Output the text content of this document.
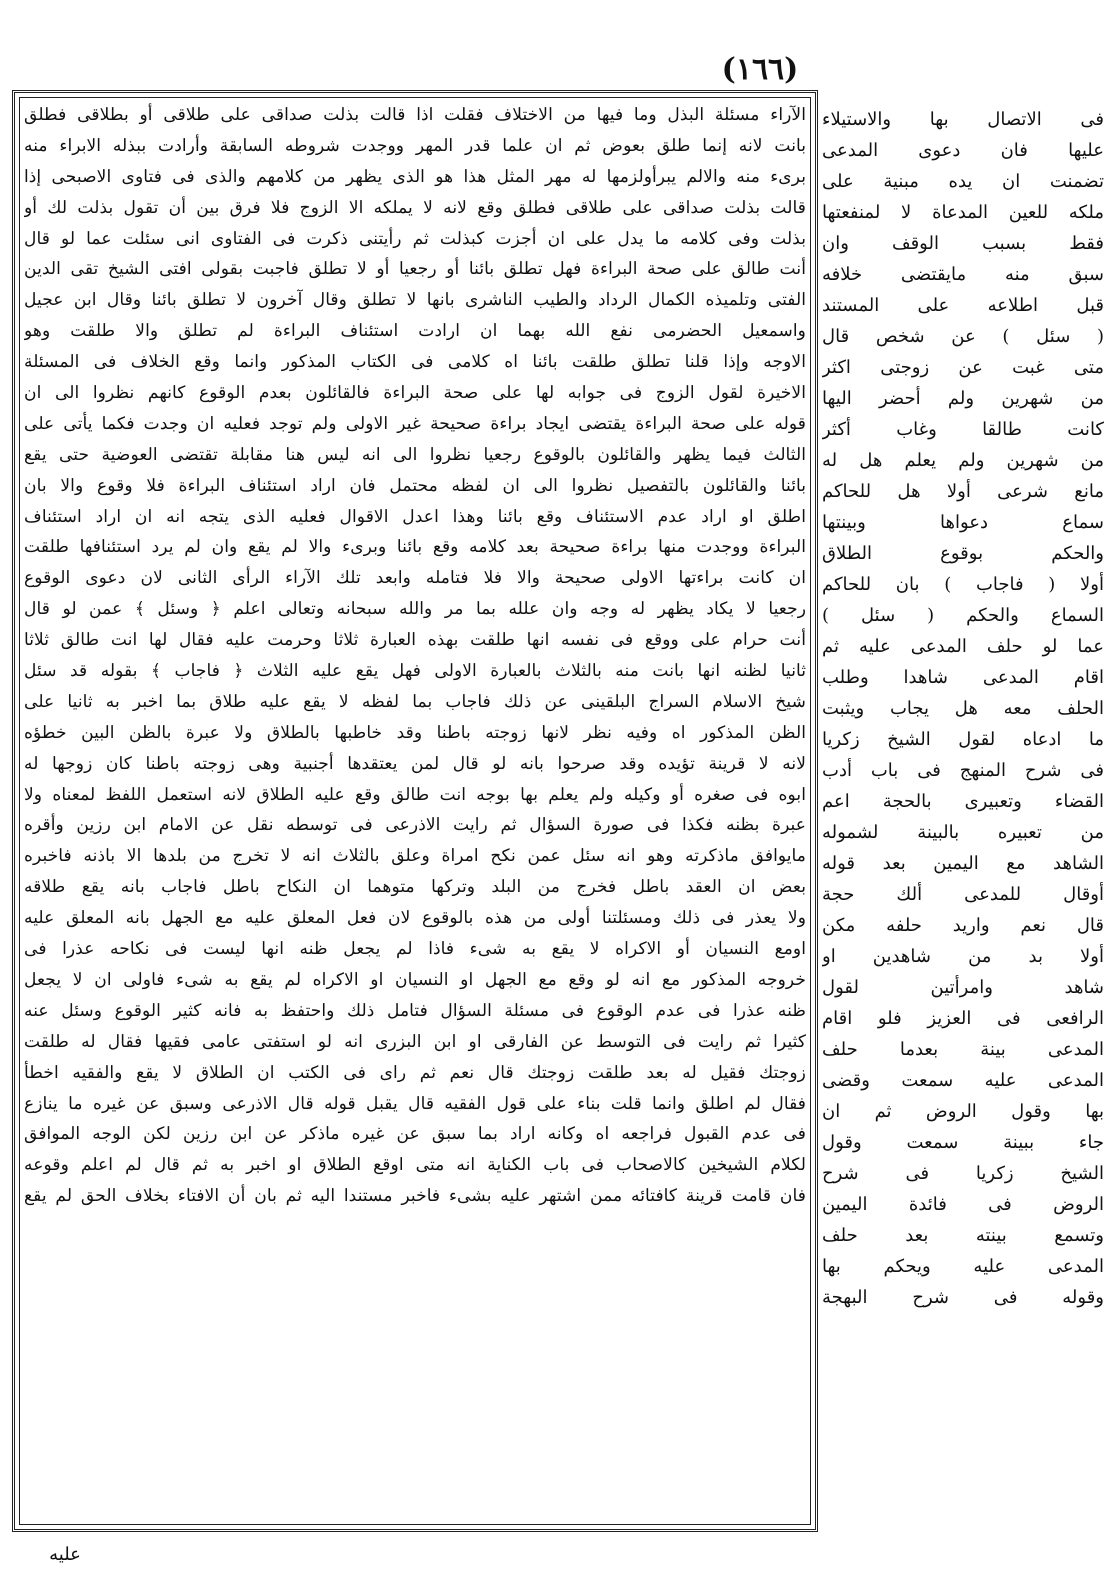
(١٦٦)
الآراء مسئلة البذل وما فيها من الاختلاف فقلت اذا قالت بذلت صداقى على طلاقى أو بطلاقى فطلق
بانت لانه إنما طلق بعوض ثم ان علما قدر المهر ووجدت شروطه السابقة وأرادت ببذله الابراء منه
برىء منه والالم يبرأولزمها له مهر المثل هذا هو الذى يظهر من كلامهم والذى فى فتاوى الاصبحى إذا
قالت بذلت صداقى على طلاقى فطلق وقع لانه لا يملكه الا الزوج فلا فرق بين أن تقول بذلت لك أو
بذلت وفى كلامه ما يدل على ان أجزت كبذلت ثم رأيتنى ذكرت فى الفتاوى انى سئلت عما لو قال
أنت طالق على صحة البراءة فهل تطلق بائنا أو رجعيا أو لا تطلق فاجبت بقولى افتى الشيخ تقى الدين
الفتى وتلميذه الكمال الرداد والطيب الناشرى بانها لا تطلق وقال آخرون لا تطلق بائنا وقال ابن عجيل
واسمعيل الحضرمى نفع الله بهما ان ارادت استئناف البراءة لم تطلق والا طلقت وهو
الاوجه وإذا قلنا تطلق طلقت بائنا اه كلامى فى الكتاب المذكور وانما وقع الخلاف فى المسئلة
الاخيرة لقول الزوج فى جوابه لها على صحة البراءة فالقائلون بعدم الوقوع كانهم نظروا الى ان
قوله على صحة البراءة يقتضى ايجاد براءة صحيحة غير الاولى ولم توجد فعليه ان وجدت فكما يأتى على
الثالث فيما يظهر والقائلون بالوقوع رجعيا نظروا الى انه ليس هنا مقابلة تقتضى العوضية حتى يقع
بائنا والقائلون بالتفصيل نظروا الى ان لفظه محتمل فان اراد استئناف البراءة فلا وقوع والا بان
اطلق او اراد عدم الاستئناف وقع بائنا وهذا اعدل الاقوال فعليه الذى يتجه انه ان اراد استئناف
البراءة ووجدت منها براءة صحيحة بعد كلامه وقع بائنا وبرىء والا لم يقع وان لم يرد استئنافها طلقت
ان كانت براءتها الاولى صحيحة والا فلا فتامله وابعد تلك الآراء الرأى الثانى لان دعوى الوقوع
رجعيا لا يكاد يظهر له وجه وان علله بما مر والله سبحانه وتعالى اعلم ﴿ وسئل ﴾ عمن لو قال
أنت حرام على ووقع فى نفسه انها طلقت بهذه العبارة ثلاثا وحرمت عليه فقال لها انت طالق ثلاثا
ثانيا لظنه انها بانت منه بالثلاث بالعبارة الاولى فهل يقع عليه الثلاث ﴿ فاجاب ﴾ بقوله قد سئل
شيخ الاسلام السراج البلقينى عن ذلك فاجاب بما لفظه لا يقع عليه طلاق بما اخبر به ثانيا على
الظن المذكور اه وفيه نظر لانها زوجته باطنا وقد خاطبها بالطلاق ولا عبرة بالظن البين خطؤه
لانه لا قرينة تؤيده وقد صرحوا بانه لو قال لمن يعتقدها أجنبية وهى زوجته باطنا كان زوجها له
ابوه فى صغره أو وكيله ولم يعلم بها بوجه انت طالق وقع عليه الطلاق لانه استعمل اللفظ لمعناه ولا
عبرة بظنه فكذا فى صورة السؤال ثم رايت الاذرعى فى توسطه نقل عن الامام ابن رزين وأقره
مايوافق ماذكرته وهو انه سئل عمن نكح امراة وعلق بالثلاث انه لا تخرج من بلدها الا باذنه فاخبره
بعض ان العقد باطل فخرج من البلد وتركها متوهما ان النكاح باطل فاجاب بانه يقع طلاقه
ولا يعذر فى ذلك ومسئلتنا أولى من هذه بالوقوع لان فعل المعلق عليه مع الجهل بانه المعلق عليه
اومع النسيان أو الاكراه لا يقع به شىء فاذا لم يجعل ظنه انها ليست فى نكاحه عذرا فى
خروجه المذكور مع انه لو وقع مع الجهل او النسيان او الاكراه لم يقع به شىء فاولى ان لا يجعل
ظنه عذرا فى عدم الوقوع فى مسئلة السؤال فتامل ذلك واحتفظ به فانه كثير الوقوع وسئل عنه
كثيرا ثم رايت فى التوسط عن الفارقى او ابن البزرى انه لو استفتى عامى فقيها فقال له طلقت
زوجتك فقيل له بعد طلقت زوجتك قال نعم ثم راى فى الكتب ان الطلاق لا يقع والفقيه اخطأ
فقال لم اطلق وانما قلت بناء على قول الفقيه قال يقبل قوله قال الاذرعى وسبق عن غيره ما ينازع
فى عدم القبول فراجعه اه وكانه اراد بما سبق عن غيره ماذكر عن ابن رزين لكن الوجه الموافق
لكلام الشيخين كالاصحاب فى باب الكناية انه متى اوقع الطلاق او اخبر به ثم قال لم اعلم وقوعه
فان قامت قرينة كافتائه ممن اشتهر عليه بشىء فاخبر مستندا اليه ثم بان أن الافتاء بخلاف الحق لم يقع
فى الاتصال بها والاستيلاء
عليها فان دعوى المدعى
تضمنت ان يده مبنية على
ملكه للعين المدعاة لا لمنفعتها
فقط بسبب الوقف وان
سبق منه مايقتضى خلافه
قبل اطلاعه على المستند
( سئل ) عن شخص قال
متى غبت عن زوجتى اكثر
من شهرين ولم أحضر اليها
كانت طالقا وغاب أكثر
من شهرين ولم يعلم هل له
مانع شرعى أولا هل للحاكم
سماع دعواها وبينتها
والحكم بوقوع الطلاق
أولا ( فاجاب ) بان للحاكم
السماع والحكم ( سئل )
عما لو حلف المدعى عليه ثم
اقام المدعى شاهدا وطلب
الحلف معه هل يجاب ويثبت
ما ادعاه لقول الشيخ زكريا
فى شرح المنهج فى باب أدب
القضاء وتعبيرى بالحجة اعم
من تعبيره بالبينة لشموله
الشاهد مع اليمين بعد قوله
أوقال للمدعى ألك حجة
قال نعم واريد حلفه مكن
أولا بد من شاهدين او
شاهد وامرأتين لقول
الرافعى فى العزيز فلو اقام
المدعى بينة بعدما حلف
المدعى عليه سمعت وقضى
بها وقول الروض ثم ان
جاء ببينة سمعت وقول
الشيخ زكريا فى شرح
الروض فى فائدة اليمين
وتسمع بينته بعد حلف
المدعى عليه ويحكم بها
وقوله فى شرح البهجة
عليه
